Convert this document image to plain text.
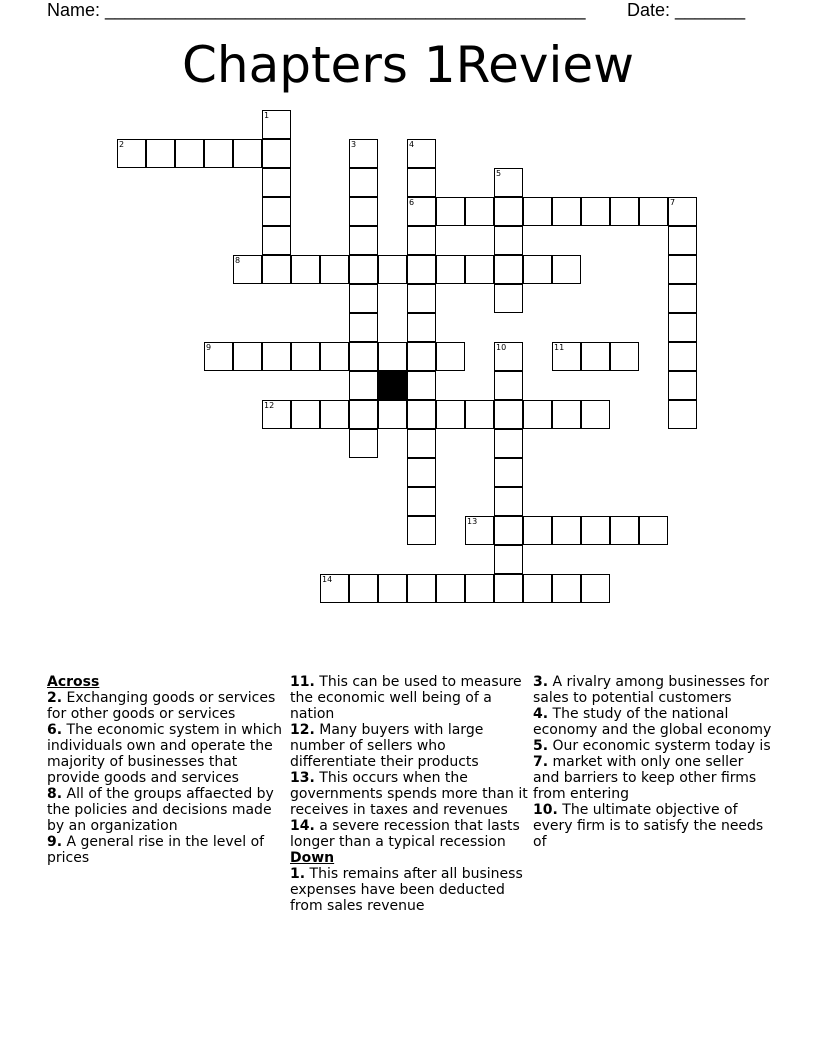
Name: ________________________________________________ Date: _______
Chapters 1Review
1
2	3	4
6
5
7
8
9	10	11
12
13
14
Across
2. Exchanging goods or services for other goods or services
6. The economic system in which individuals own and operate the majority of businesses that provide goods and services
8. All of the groups affaected by the policies and decisions made by an organization
9. A general rise in the level of prices
11. This can be used to measure the economic well being of a nation
12. Many buyers with large number of sellers who differentiate their products
13. This occurs when the governments spends more than it receives in taxes and revenues
14. a severe recession that lasts longer than a typical recession
Down
1. This remains after all business expenses have been deducted from sales revenue
3. A rivalry among businesses for sales to potential customers
4. The study of the national economy and the global economy
5. Our economic systerm today is
7. market with only one seller and barriers to keep other firms from entering
10. The ultimate objective of every firm is to satisfy the needs of
